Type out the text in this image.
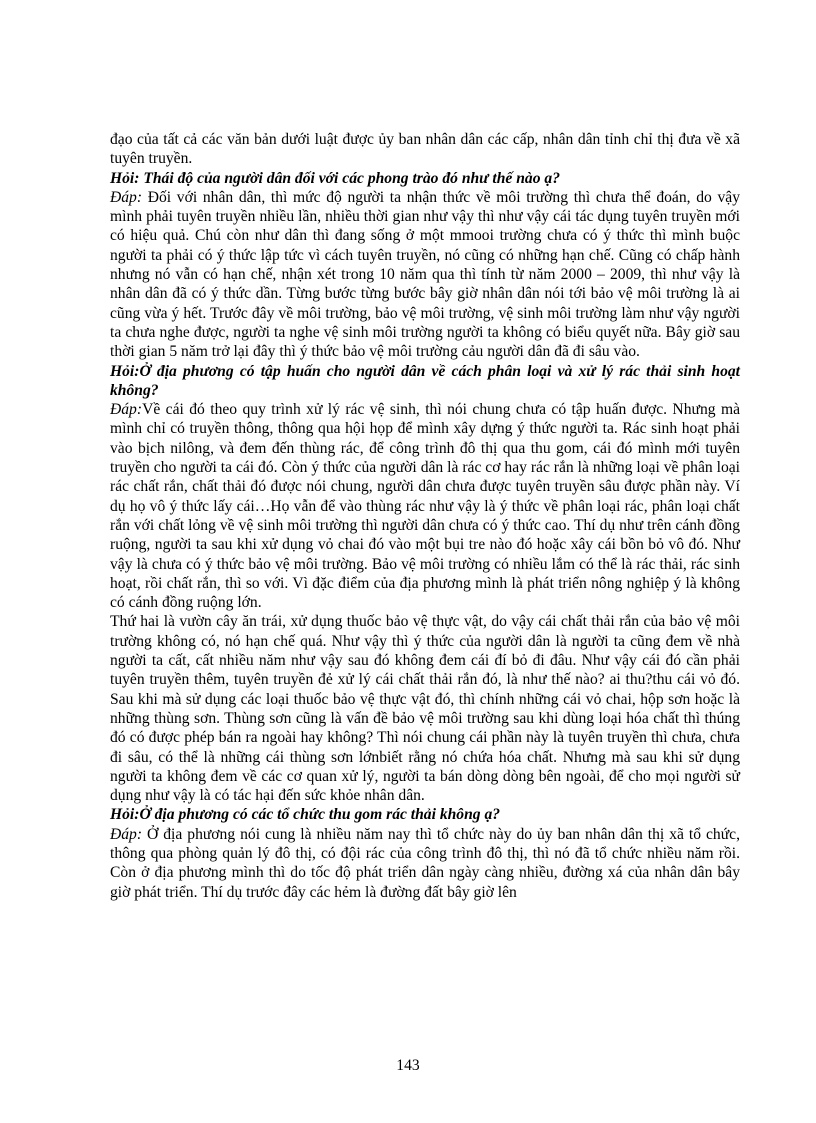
đạo của tất cả các văn bản dưới luật được ủy ban nhân dân các cấp, nhân dân tỉnh chỉ thị đưa về xã tuyên truyền.

Hỏi: Thái độ của người dân đối với các phong trào đó như thế nào ạ?

Đáp: Đối với nhân dân, thì mức độ người ta nhận thức về môi trường thì chưa thể đoán, do vậy mình phải tuyên truyền nhiều lần, nhiều thời gian như vậy thì như vậy cái tác dụng tuyên truyền mới có hiệu quả. Chú còn như dân thì đang sống ở một mmooi trường chưa có ý thức thì mình buộc người ta phải có ý thức lập tức vì cách tuyên truyền, nó cũng có những hạn chế. Cũng có chấp hành nhưng nó vẫn có hạn chế, nhận xét trong 10 năm qua thì tính từ năm 2000 – 2009, thì như vậy là nhân dân đã có ý thức dần. Từng bước từng bước bây giờ nhân dân nói tới bảo vệ môi trường là ai cũng vừa ý hết. Trước đây về môi trường, bảo vệ môi trường, vệ sinh môi trường làm như vậy người ta chưa nghe được, người ta nghe vệ sinh môi trường người ta không có biểu quyết nữa. Bây giờ sau thời gian 5 năm trở lại đây thì ý thức bảo vệ môi trường cảu người dân đã đi sâu vào.

Hỏi:Ở địa phương có tập huấn cho người dân về cách phân loại và xử lý rác thải sinh hoạt không?

Đáp:Về cái đó theo quy trình xử lý rác vệ sinh, thì nói chung chưa có tập huấn được. Nhưng mà mình chỉ có truyền thông, thông qua hội họp để mình xây dựng ý thức người ta. Rác sinh hoạt phải vào bịch nilông, và đem đến thùng rác, để công trình đô thị qua thu gom, cái đó mình mới tuyên truyền cho người ta cái đó. Còn ý thức của người dân là rác cơ hay rác rắn là những loại về phân loại rác chất rắn, chất thải đó được nói chung, người dân chưa được tuyên truyền sâu được phần này. Ví dụ họ vô ý thức lấy cái…Họ vẫn để vào thùng rác như vậy là ý thức về phân loại rác, phân loại chất rắn với chất lỏng về vệ sinh môi trường thì người dân chưa có ý thức cao. Thí dụ như trên cánh đồng ruộng, người ta sau khi xử dụng vỏ chai đó vào một bụi tre nào đó hoặc xây cái bồn bỏ vô đó. Như vậy là chưa có ý thức bảo vệ môi trường. Bảo vệ môi trường có nhiều lắm có thể là rác thải, rác sinh hoạt, rồi chất rắn, thì so với. Vì đặc điểm của địa phương mình là phát triển nông nghiệp ý là không có cánh đồng ruộng lớn.

Thứ hai là vườn cây ăn trái, xử dụng thuốc bảo vệ thực vật, do vậy cái chất thải rắn của bảo vệ môi trường không có, nó hạn chế quá. Như vậy thì ý thức của người dân là người ta cũng đem về nhà người ta cất, cất nhiều năm như vậy sau đó không đem cái đí bỏ đi đâu. Như vậy cái đó cần phải tuyên truyền thêm, tuyên truyền đẻ xử lý cái chất thải rắn đó, là như thế nào? ai thu?thu cái vỏ đó. Sau khi mà sử dụng các loại thuốc bảo vệ thực vật đó, thì chính những cái vỏ chai, hộp sơn hoặc là những thùng sơn. Thùng sơn cũng là vấn đề bảo vệ môi trường sau khi dùng loại hóa chất thì thúng đó có được phép bán ra ngoài hay không? Thì nói chung cái phần này là tuyên truyền thì chưa, chưa đi sâu, có thể là những cái thùng sơn lớnbiết rằng nó chứa hóa chất. Nhưng mà sau khi sử dụng người ta không đem về các cơ quan xử lý, người ta bán dòng dòng bên ngoài, để cho mọi người sử dụng như vậy là có tác hại đến sức khỏe nhân dân.

Hỏi:Ở địa phương có các tổ chức thu gom rác thải không ạ?

Đáp: Ở địa phương nói cung là nhiều năm nay thì tổ chức này do ủy ban nhân dân thị xã tổ chức, thông qua phòng quản lý đô thị, có đội rác của công trình đô thị, thì nó đã tổ chức nhiều năm rồi. Còn ở địa phương mình thì do tốc độ phát triển dân ngày càng nhiều, đường xá của nhân dân bây giờ phát triển. Thí dụ trước đây các hẻm là đường đất bây giờ lên

143
